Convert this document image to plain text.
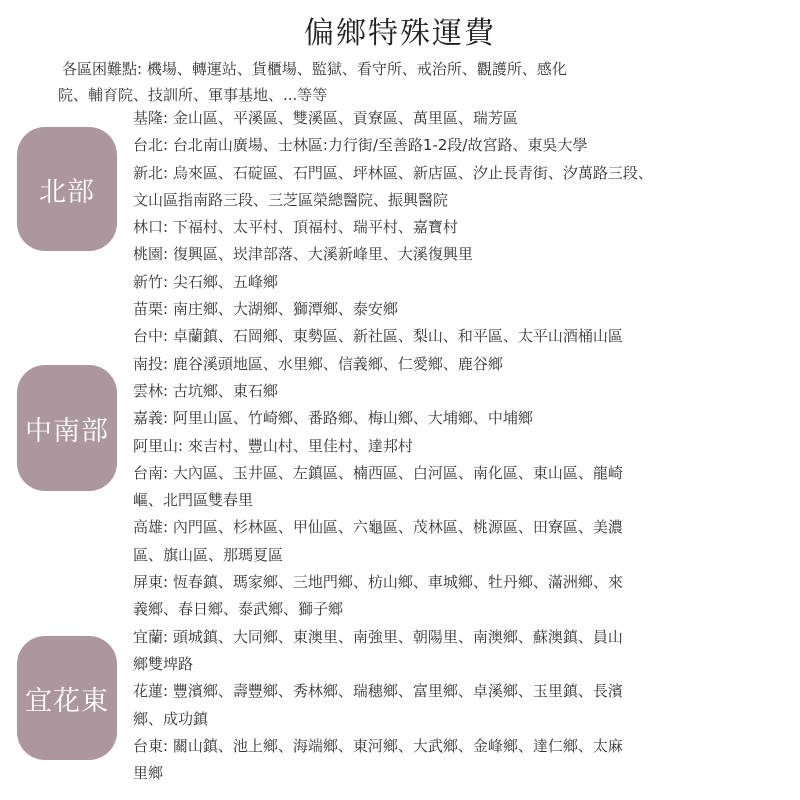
偏鄉特殊運費
各區困難點: 機場、轉運站、貨櫃場、監獄、看守所、戒治所、觀護所、感化
院、輔育院、技訓所、軍事基地、...等等
北部
中南部
宜花東
基隆: 金山區、平溪區、雙溪區、貢寮區、萬里區、瑞芳區
台北: 台北南山廣場、士林區:力行街/至善路1-2段/故宮路、東吳大學
新北: 烏來區、石碇區、石門區、坪林區、新店區、汐止長青街、汐萬路三段、
文山區指南路三段、三芝區榮總醫院、振興醫院
林口: 下福村、太平村、頂福村、瑞平村、嘉寶村
桃園: 復興區、崁津部落、大溪新峰里、大溪復興里
新竹: 尖石鄉、五峰鄉
苗栗: 南庄鄉、大湖鄉、獅潭鄉、泰安鄉
台中: 卓蘭鎮、石岡鄉、東勢區、新社區、梨山、和平區、太平山酒桶山區
南投: 鹿谷溪頭地區、水里鄉、信義鄉、仁愛鄉、鹿谷鄉
雲林: 古坑鄉、東石鄉
嘉義: 阿里山區、竹崎鄉、番路鄉、梅山鄉、大埔鄉、中埔鄉
阿里山: 來吉村、豐山村、里佳村、達邦村
台南: 大內區、玉井區、左鎮區、楠西區、白河區、南化區、東山區、龍崎
嶇、北門區雙春里
高雄: 內門區、杉林區、甲仙區、六龜區、茂林區、桃源區、田寮區、美濃
區、旗山區、那瑪夏區
屏東: 恆春鎮、瑪家鄉、三地門鄉、枋山鄉、車城鄉、牡丹鄉、滿洲鄉、來
義鄉、春日鄉、泰武鄉、獅子鄉
宜蘭: 頭城鎮、大同鄉、東澳里、南強里、朝陽里、南澳鄉、蘇澳鎮、員山
鄉雙埤路
花蓮: 豐濱鄉、壽豐鄉、秀林鄉、瑞穗鄉、富里鄉、卓溪鄉、玉里鎮、長濱
鄉、成功鎮
台東: 關山鎮、池上鄉、海端鄉、東河鄉、大武鄉、金峰鄉、達仁鄉、太麻
里鄉
